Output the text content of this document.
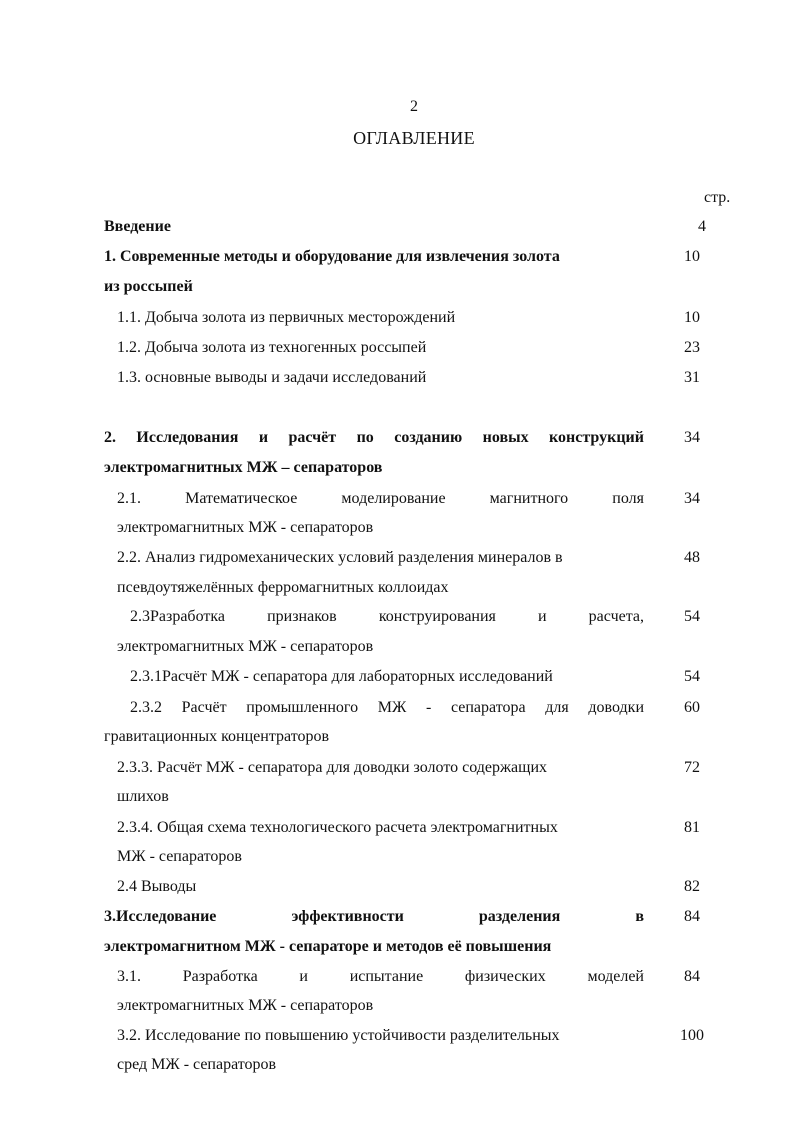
2
ОГЛАВЛЕНИЕ
стр.
Введение	4
1. Современные методы и оборудование для извлечения золота	10
из россыпей
1.1. Добыча золота из первичных месторождений	10
1.2. Добыча золота из техногенных россыпей	23
1.3. основные выводы и задачи исследований	31
2. Исследования и расчёт по созданию новых конструкций	34
электромагнитных МЖ – сепараторов
2.1. Математическое моделирование магнитного поля	34
электромагнитных МЖ - сепараторов
2.2. Анализ гидромеханических условий разделения минералов в	48
псевдоутяжелённых ферромагнитных коллоидах
2.3Разработка признаков конструирования и расчета,	54
электромагнитных МЖ - сепараторов
2.3.1Расчёт МЖ - сепаратора для лабораторных исследований	54
2.3.2 Расчёт промышленного МЖ - сепаратора для доводки	60
гравитационных концентраторов
2.3.3. Расчёт МЖ - сепаратора для доводки золото содержащих	72
шлихов
2.3.4. Общая схема технологического расчета электромагнитных	81
МЖ - сепараторов
2.4 Выводы	82
3.Исследование эффективности разделения в	84
электромагнитном МЖ - сепараторе и методов её повышения
3.1. Разработка и испытание физических моделей	84
электромагнитных МЖ - сепараторов
3.2. Исследование по повышению устойчивости разделительных	100
сред МЖ - сепараторов
